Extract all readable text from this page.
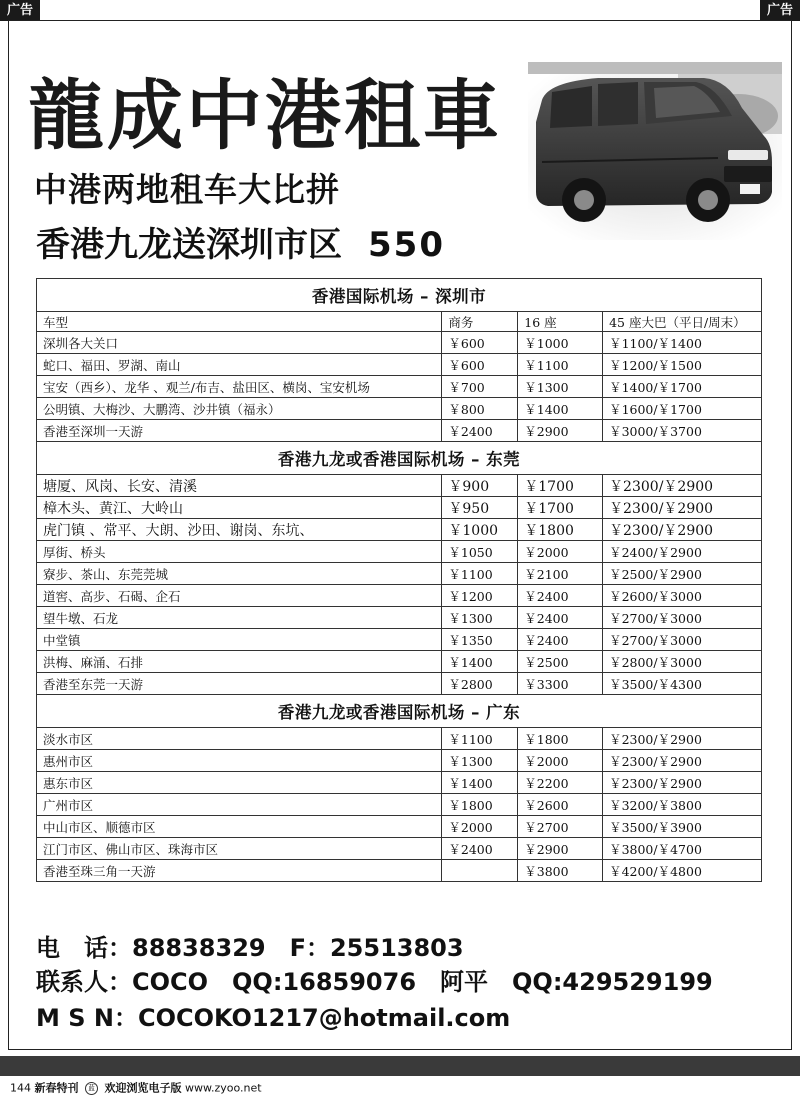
广告	广告
龍成中港租車
中港两地租车大比拼
香港九龙送深圳市区 550
香港国际机场 – 深圳市			
车型	商务	16 座	45 座大巴（平日/周末）
深圳各大关口	￥600	￥1000	￥1100/￥1400
蛇口、福田、罗湖、南山	￥600	￥1100	￥1200/￥1500
宝安（西乡）、龙华 、观兰/布吉、盐田区、横岗、宝安机场	￥700	￥1300	￥1400/￥1700
公明镇、大梅沙、大鹏湾、沙井镇（福永）	￥800	￥1400	￥1600/￥1700
香港至深圳一天游	￥2400	￥2900	￥3000/￥3700
香港九龙或香港国际机场 – 东莞			
塘厦、风岗、长安、清溪	￥900	￥1700	￥2300/￥2900
樟木头、黄江、大岭山	￥950	￥1700	￥2300/￥2900
虎门镇 、常平、大朗、沙田、谢岗、东坑、	￥1000	￥1800	￥2300/￥2900
厚街、桥头	￥1050	￥2000	￥2400/￥2900
寮步、茶山、东莞莞城	￥1100	￥2100	￥2500/￥2900
道窖、高步、石碣、企石	￥1200	￥2400	￥2600/￥3000
望牛墩、石龙	￥1300	￥2400	￥2700/￥3000
中堂镇	￥1350	￥2400	￥2700/￥3000
洪梅、麻涌、石排	￥1400	￥2500	￥2800/￥3000
香港至东莞一天游	￥2800	￥3300	￥3500/￥4300
香港九龙或香港国际机场 – 广东			
淡水市区	￥1100	￥1800	￥2300/￥2900
惠州市区	￥1300	￥2000	￥2300/￥2900
惠东市区	￥1400	￥2200	￥2300/￥2900
广州市区	￥1800	￥2600	￥3200/￥3800
中山市区、顺德市区	￥2000	￥2700	￥3500/￥3900
江门市区、佛山市区、珠海市区	￥2400	￥2900	￥3800/￥4700
香港至珠三角一天游		￥3800	￥4200/￥4800
电　话：88838329　F：25513803
联系人：COCO　QQ:16859076　阿平　QQ:429529199
M S N：COCOKO1217@hotmail.com
144 新春特刊 蓝 欢迎浏览电子版 www.zyoo.net
